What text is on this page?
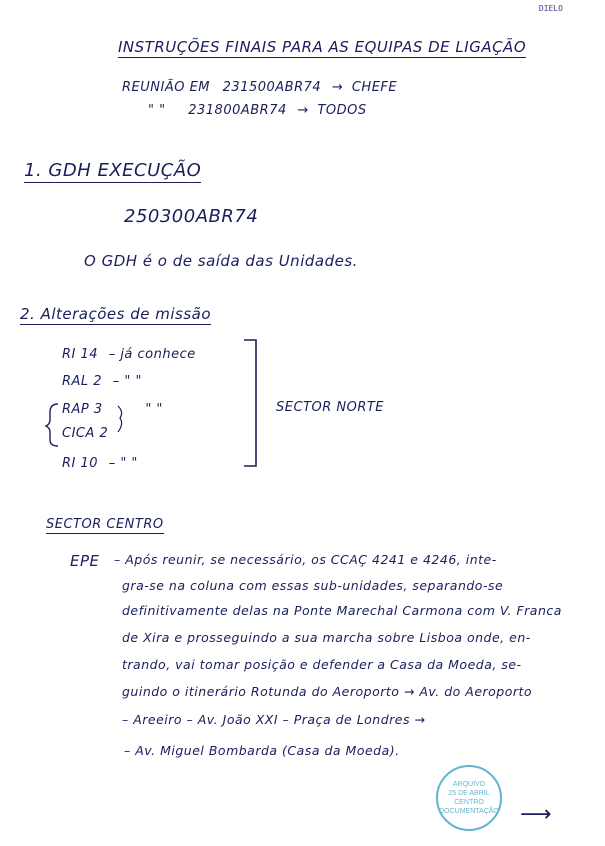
DIELO
INSTRUÇÕES FINAIS PARA AS EQUIPAS DE LIGAÇÃO
REUNIÃO EM 231500ABR74 → CHEFE
" " 231800ABR74 → TODOS
1. GDH EXECUÇÃO
250300ABR74
O GDH é o de saída das Unidades.
2. Alterações de missão
RI 14 – já conhece
RAL 2 – " "
RAP 3	" "
CICA 2
RI 10 – " "
SECTOR NORTE
SECTOR CENTRO
EPE – Após reunir, se necessário, os CCAÇ 4241 e 4246, inte-
gra-se na coluna com essas sub-unidades, separando-se
definitivamente delas na Ponte Marechal Carmona com V. Franca
de Xira e prosseguindo a sua marcha sobre Lisboa onde, en-
trando, vai tomar posição e defender a Casa da Moeda, se-
guindo o itinerário Rotunda do Aeroporto → Av. do Aeroporto
– Areeiro – Av. João XXI – Praça de Londres →
– Av. Miguel Bombarda (Casa da Moeda).
ARQUIVO
25 DE ABRIL
CENTRO
DOCUMENTAÇÃO ⟶
